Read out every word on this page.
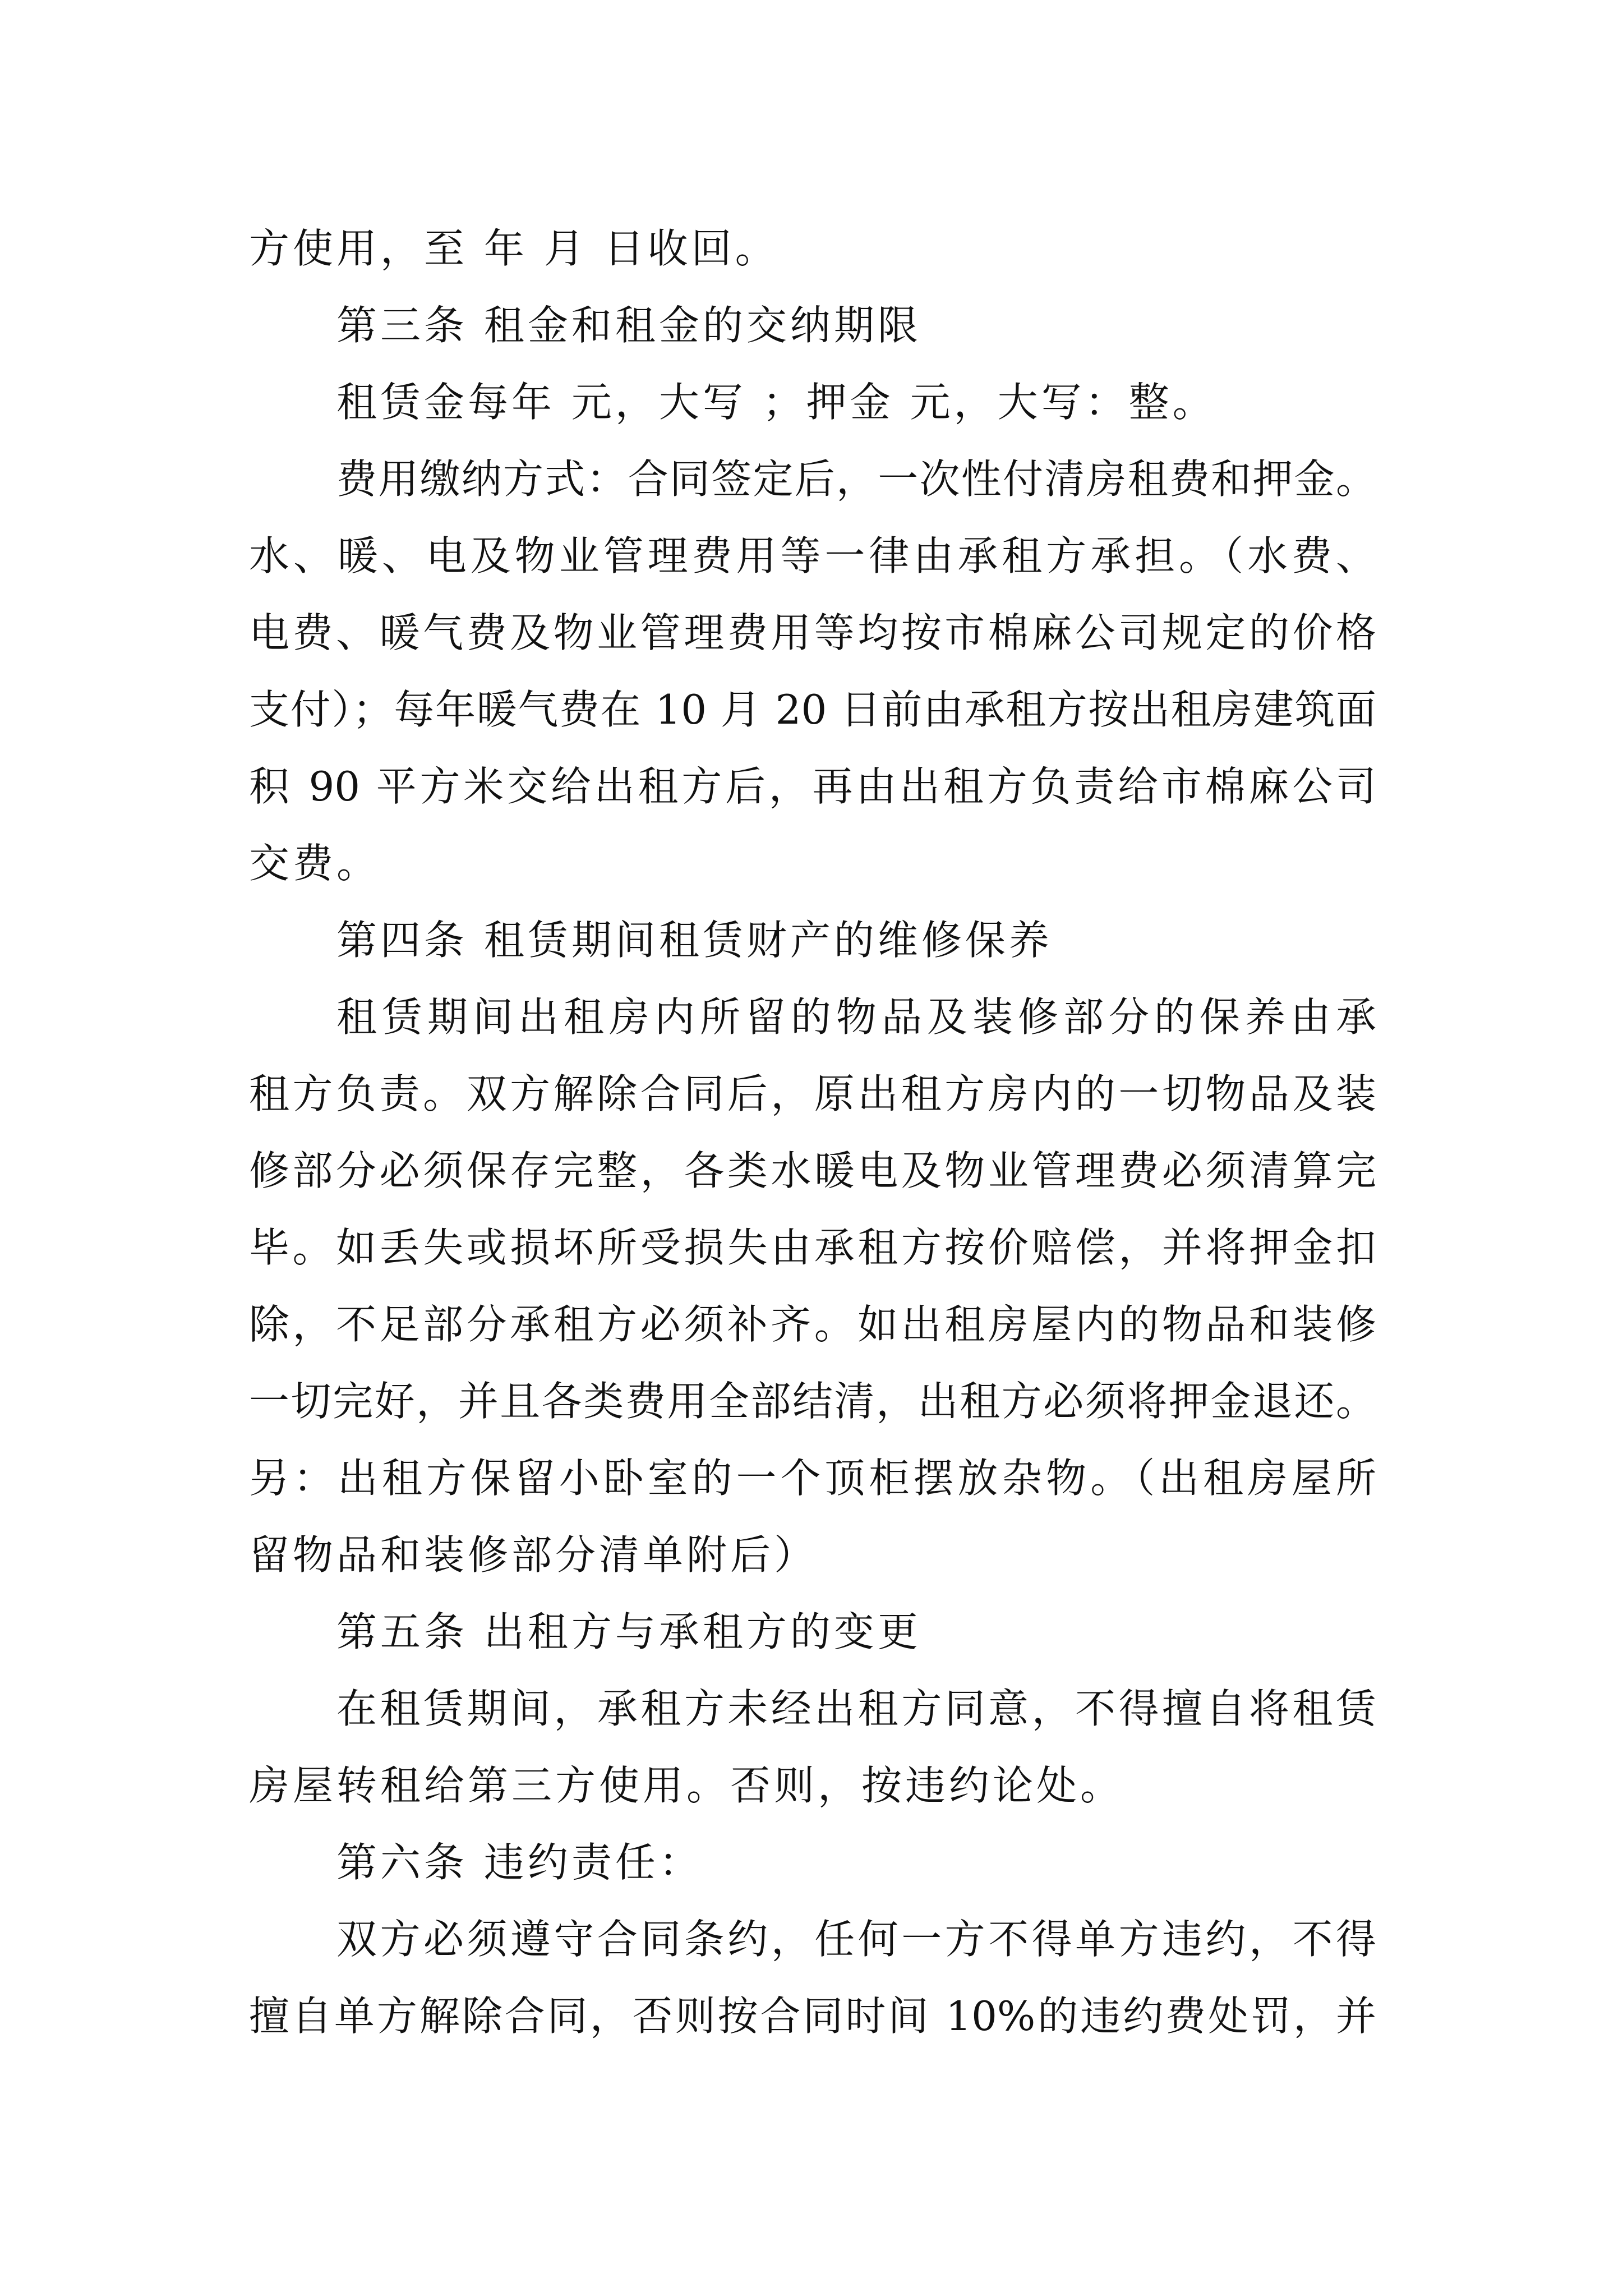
方使用，至 年 月 日收回。
第三条 租金和租金的交纳期限
租赁金每年 元，大写 ；押金 元，大写：整。
费用缴纳方式：合同签定后，一次性付清房租费和押金。
水、暖、电及物业管理费用等一律由承租方承担。（水费、
电费、暖气费及物业管理费用等均按市棉麻公司规定的价格
支付）；每年暖气费在 10 月 20 日前由承租方按出租房建筑面
积 90 平方米交给出租方后，再由出租方负责给市棉麻公司
交费。
第四条 租赁期间租赁财产的维修保养
租赁期间出租房内所留的物品及装修部分的保养由承
租方负责。双方解除合同后，原出租方房内的一切物品及装
修部分必须保存完整，各类水暖电及物业管理费必须清算完
毕。如丢失或损坏所受损失由承租方按价赔偿，并将押金扣
除，不足部分承租方必须补齐。如出租房屋内的物品和装修
一切完好，并且各类费用全部结清，出租方必须将押金退还。
另：出租方保留小卧室的一个顶柜摆放杂物。（出租房屋所
留物品和装修部分清单附后）
第五条 出租方与承租方的变更
在租赁期间，承租方未经出租方同意，不得擅自将租赁
房屋转租给第三方使用。否则，按违约论处。
第六条 违约责任：
双方必须遵守合同条约，任何一方不得单方违约，不得
擅自单方解除合同，否则按合同时间 10%的违约费处罚，并
